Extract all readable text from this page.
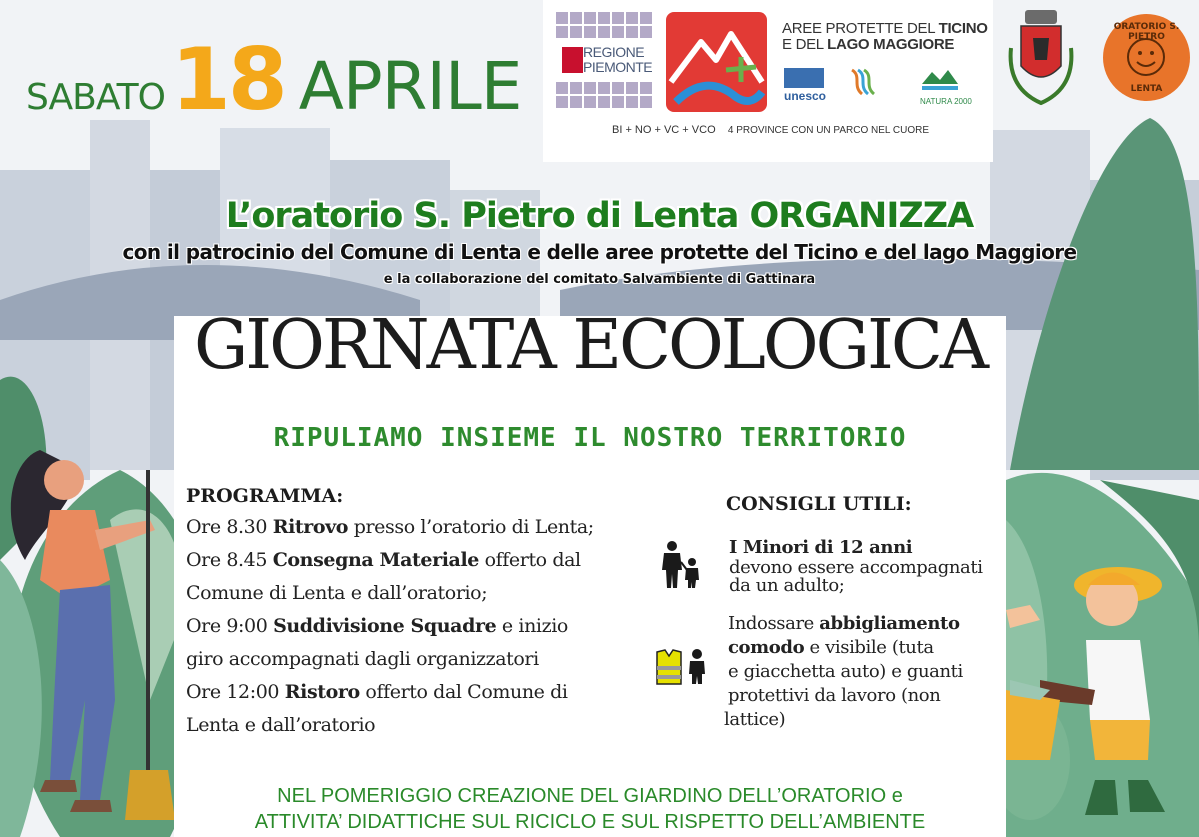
SABATO18 APRILE	REGIONE PIEMONTE
AREE PROTETTE DEL TICINO
E DEL LAGO MAGGIORE
unesco	NATURA 2000
BI + NO + VC + VCO 4 PROVINCE CON UN PARCO NEL CUORE
ORATORIO S. PIETRO
LENTA
L’oratorio S. Pietro di Lenta ORGANIZZA
con il patrocinio del Comune di Lenta e delle aree protette del Ticino e del lago Maggiore
e la collaborazione del comitato Salvambiente di Gattinara
GIORNATA ECOLOGICA
RIPULIAMO INSIEME IL NOSTRO TERRITORIO
PROGRAMMA:
Ore 8.30 Ritrovo presso l’oratorio di Lenta;
Ore 8.45 Consegna Materiale offerto dal
Comune di Lenta e dall’oratorio;
Ore 9:00 Suddivisione Squadre e inizio
giro accompagnati dagli organizzatori
Ore 12:00 Ristoro offerto dal Comune di
Lenta e dall’oratorio
CONSIGLI UTILI:
I Minori di 12 anni
devono essere accompagnati
da un adulto;
Indossare abbigliamento
comodo e visibile (tuta
e giacchetta auto) e guanti
protettivi da lavoro (non
lattice)
NEL POMERIGGIO CREAZIONE DEL GIARDINO DELL’ORATORIO e
ATTIVITA’ DIDATTICHE SUL RICICLO E SUL RISPETTO DELL’AMBIENTE
